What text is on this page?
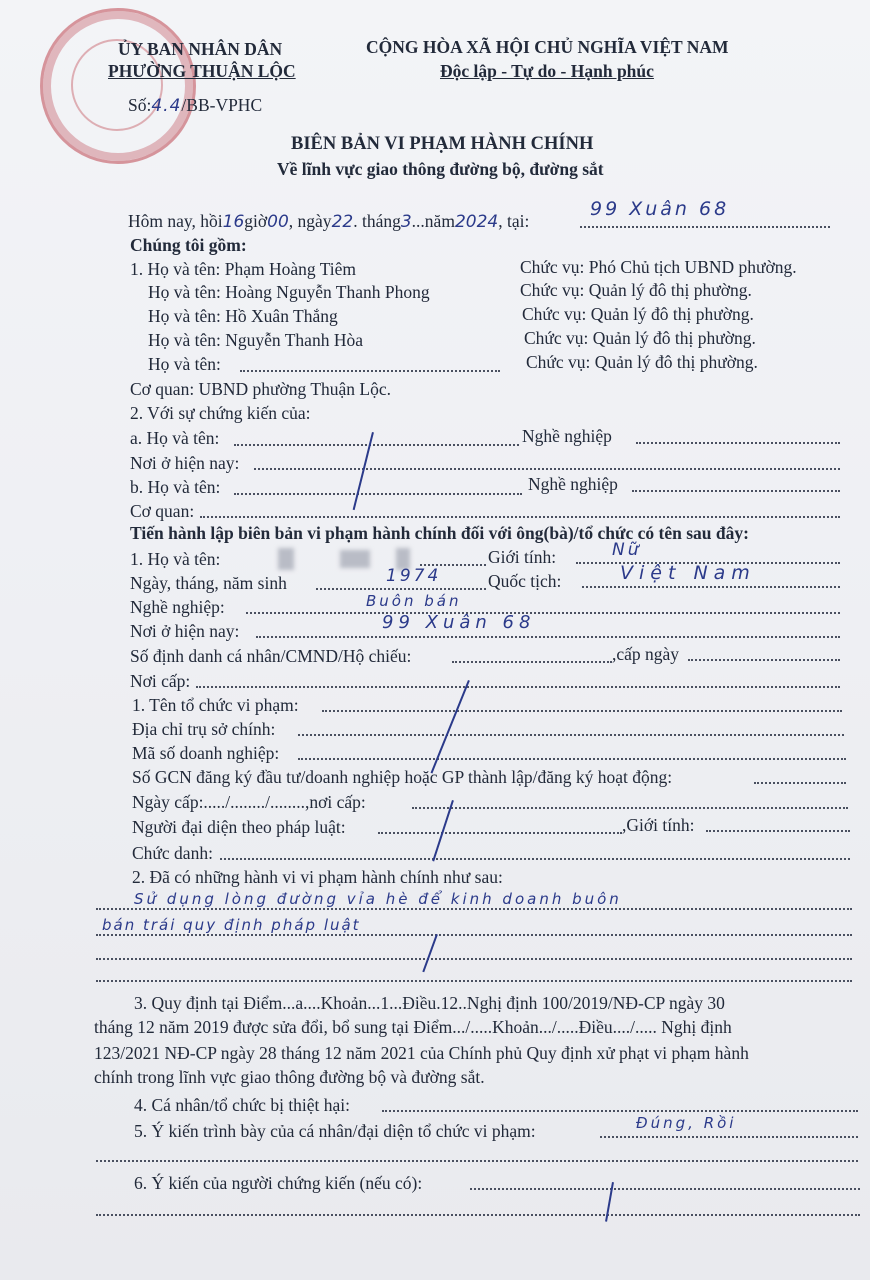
ỦY BAN NHÂN DÂN
PHƯỜNG THUẬN LỘC
Số:4.4/BB-VPHC
CỘNG HÒA XÃ HỘI CHỦ NGHĨA VIỆT NAM
Độc lập - Tự do - Hạnh phúc
BIÊN BẢN VI PHẠM HÀNH CHÍNH
Về lĩnh vực giao thông đường bộ, đường sắt
Hôm nay, hồi16giờ00, ngày22. tháng3...năm2024, tại:
99 Xuân 68
Chúng tôi gồm:
1. Họ và tên: Phạm Hoàng Tiêm	Chức vụ: Phó Chủ tịch UBND phường.
Họ và tên: Hoàng Nguyễn Thanh Phong	Chức vụ: Quản lý đô thị phường.
Họ và tên: Hồ Xuân Thắng	Chức vụ: Quản lý đô thị phường.
Họ và tên: Nguyễn Thanh Hòa	Chức vụ: Quản lý đô thị phường.
Họ và tên:	Chức vụ: Quản lý đô thị phường.
Cơ quan: UBND phường Thuận Lộc.
2. Với sự chứng kiến của:
a. Họ và tên:	Nghề nghiệp
Nơi ở hiện nay:
b. Họ và tên:	Nghề nghiệp
Cơ quan:
Tiến hành lập biên bản vi phạm hành chính đối với ông(bà)/tổ chức có tên sau đây:
1. Họ và tên:	Giới tính:	Nữ
Ngày, tháng, năm sinh	1974	Quốc tịch:	Việt Nam
Nghề nghiệp:	Buôn bán
Nơi ở hiện nay:	99 Xuân 68
Số định danh cá nhân/CMND/Hộ chiếu:	,cấp ngày
Nơi cấp:
1. Tên tổ chức vi phạm:
Địa chỉ trụ sở chính:
Mã số doanh nghiệp:
Số GCN đăng ký đầu tư/doanh nghiệp hoặc GP thành lập/đăng ký hoạt động:
Ngày cấp:...../......../........,nơi cấp:
Người đại diện theo pháp luật:	,Giới tính:
Chức danh:
2. Đã có những hành vi vi phạm hành chính như sau:
Sử dụng lòng đường vỉa hè để kinh doanh buôn
bán trái quy định pháp luật
3. Quy định tại Điểm...a....Khoản...1...Điều.12..Nghị định 100/2019/NĐ-CP ngày 30
tháng 12 năm 2019 được sửa đổi, bổ sung tại Điểm.../.....Khoản.../.....Điều..../..... Nghị định
123/2021 NĐ-CP ngày 28 tháng 12 năm 2021 của Chính phủ Quy định xử phạt vi phạm hành
chính trong lĩnh vực giao thông đường bộ và đường sắt.
4. Cá nhân/tổ chức bị thiệt hại:
5. Ý kiến trình bày của cá nhân/đại diện tổ chức vi phạm:	Đúng, Rồi
6. Ý kiến của người chứng kiến (nếu có):
